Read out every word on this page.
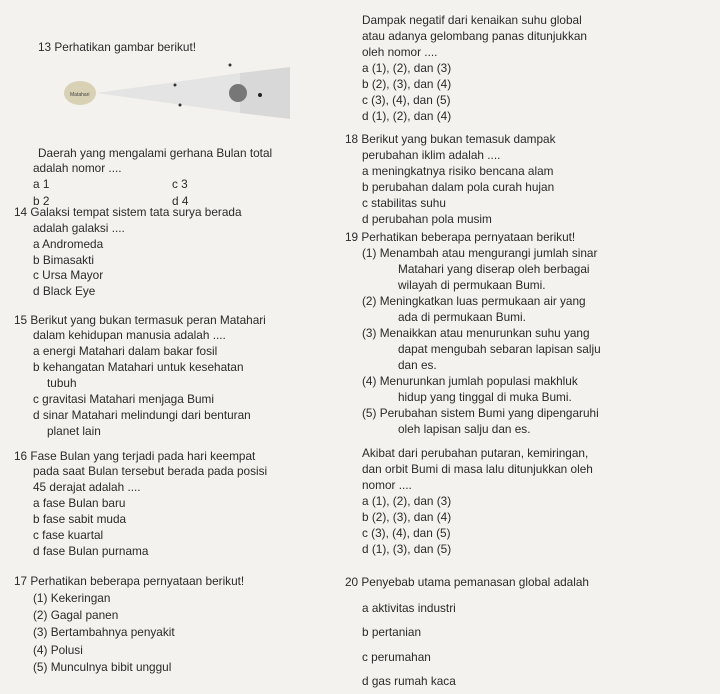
13 Perhatikan gambar berikut!
Matahari
Daerah yang mengalami gerhana Bulan total
adalah nomor ....
a 1	c 3
b 2	d 4
14 Galaksi tempat sistem tata surya berada
adalah galaksi ....
a Andromeda
b Bimasakti
c Ursa Mayor
d Black Eye
15 Berikut yang bukan termasuk peran Matahari
dalam kehidupan manusia adalah ....
a energi Matahari dalam bakar fosil
b kehangatan Matahari untuk kesehatan
tubuh
c gravitasi Matahari menjaga Bumi
d sinar Matahari melindungi dari benturan
planet lain
16 Fase Bulan yang terjadi pada hari keempat
pada saat Bulan tersebut berada pada posisi
45 derajat adalah ....
a fase Bulan baru
b fase sabit muda
c fase kuartal
d fase Bulan purnama
17 Perhatikan beberapa pernyataan berikut!
(1) Kekeringan
(2) Gagal panen
(3) Bertambahnya penyakit
(4) Polusi
(5) Munculnya bibit unggul
Dampak negatif dari kenaikan suhu global
atau adanya gelombang panas ditunjukkan
oleh nomor ....
a (1), (2), dan (3)
b (2), (3), dan (4)
c (3), (4), dan (5)
d (1), (2), dan (4)
18 Berikut yang bukan temasuk dampak
perubahan iklim adalah ....
a meningkatnya risiko bencana alam
b perubahan dalam pola curah hujan
c stabilitas suhu
d perubahan pola musim
19 Perhatikan beberapa pernyataan berikut!
(1) Menambah atau mengurangi jumlah sinar
Matahari yang diserap oleh berbagai
wilayah di permukaan Bumi.
(2) Meningkatkan luas permukaan air yang
ada di permukaan Bumi.
(3) Menaikkan atau menurunkan suhu yang
dapat mengubah sebaran lapisan salju
dan es.
(4) Menurunkan jumlah populasi makhluk
hidup yang tinggal di muka Bumi.
(5) Perubahan sistem Bumi yang dipengaruhi
oleh lapisan salju dan es.
Akibat dari perubahan putaran, kemiringan,
dan orbit Bumi di masa lalu ditunjukkan oleh
nomor ....
a (1), (2), dan (3)
b (2), (3), dan (4)
c (3), (4), dan (5)
d (1), (3), dan (5)
20 Penyebab utama pemanasan global adalah
a aktivitas industri
b pertanian
c perumahan
d gas rumah kaca
